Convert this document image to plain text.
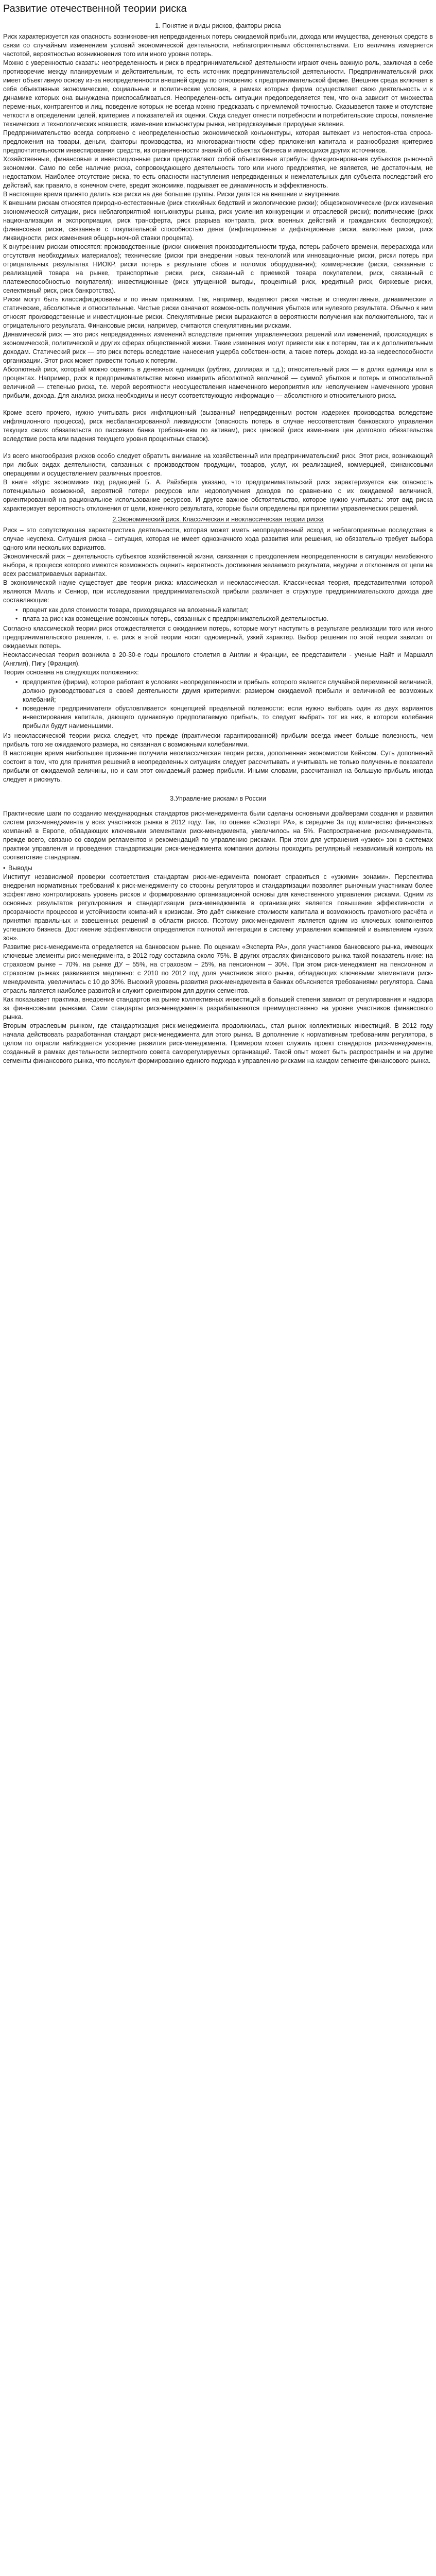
Развитие отечественной теории риска
1. Понятие и виды рисков, факторы риска

Риск характеризуется как опасность возникновения непредвиденных потерь ожидаемой прибыли, дохода или имущества, денежных средств в связи со случайным изменением условий экономической деятельности, неблагоприятными обстоятельствами. Его величина измеряется частотой, вероятностью возникновения того или иного уровня потерь.

Можно с уверенностью сказать: неопределенность и риск в предпринимательской деятельности играют очень важную роль, заключая в себе противоречие между планируемым и действительным, то есть источник предпринимательской деятельности. Предпринимательский риск имеет объективную основу из-за неопределенности внешней среды по отношению к предпринимательской фирме. Внешняя среда включает в себя объективные экономические, социальные и политические условия, в рамках которых фирма осуществляет свою деятельность и к динамике которых она вынуждена приспосабливаться. Неопределенность ситуации предопределяется тем, что она зависит от множества переменных, контрагентов и лиц, поведение которых не всегда можно предсказать с приемлемой точностью. Сказывается также и отсутствие четкости в определении целей, критериев и показателей их оценки. Сюда следует отнести потребности и потребительские спросы, появление технических и технологических новшеств, изменение конъюнктуры рынка, непредсказуемые природные явления.

Предпринимательство всегда сопряжено с неопределенностью экономической конъюнктуры, которая вытекает из непостоянства спроса-предложения на товары, деньги, факторы производства, из многовариантности сфер приложения капитала и разнообразия критериев предпочтительности инвестирования средств, из ограниченности знаний об объектах бизнеса и имеющихся других источников.

Хозяйственные, финансовые и инвестиционные риски представляют собой объективные атрибуты функционирования субъектов рыночной экономики. Само по себе наличие риска, сопровождающего деятельность того или иного предприятия, не является, не достаточным, не недостатком. Наиболее отсутствие риска, то есть опасности наступления непредвиденных и нежелательных для субъекта последствий его действий, как правило, в конечном счете, вредит экономике, подрывает ее динамичность и эффективность.

В настоящее время принято делить все риски на две большие группы. Риски делятся на внешние и внутренние.

К внешним рискам относятся природно-естественные (риск стихийных бедствий и экологические риски); общеэкономические (риск изменения экономической ситуации, риск неблагоприятной конъюнктуры рынка, риск усиления конкуренции и отраслевой риски); политические (риск национализации и экспроприации, риск трансферта, риск разрыва контракта, риск военных действий и гражданских беспорядков); финансовые риски, связанные с покупательной способностью денег (инфляционные и дефляционные риски, валютные риски, риск ликвидности, риск изменения общерыночной ставки процента).

К внутренним рискам относятся: производственные (риски снижения производительности труда, потерь рабочего времени, перерасхода или отсутствия необходимых материалов); технические (риски при внедрении новых технологий или инновационные риски, риски потерь при отрицательных результатах НИОКР, риски потерь в результате сбоев и поломок оборудования); коммерческие (риски, связанные с реализацией товара на рынке, транспортные риски, риск, связанный с приемкой товара покупателем, риск, связанный с платежеспособностью покупателя); инвестиционные (риск упущенной выгоды, процентный риск, кредитный риск, биржевые риски, селективный риск, риск банкротства).

Риски могут быть классифицированы и по иным признакам. Так, например, выделяют риски чистые и спекулятивные, динамические и статические, абсолютные и относительные. Чистые риски означают возможность получения убытков или нулевого результата. Обычно к ним относят производственные и инвестиционные риски. Спекулятивные риски выражаются в вероятности получения как положительного, так и отрицательного результата. Финансовые риски, например, считаются спекулятивными рисками.

Динамический риск — это риск непредвиденных изменений вследствие принятия управленческих решений или изменений, происходящих в экономической, политической и других сферах общественной жизни. Такие изменения могут привести как к потерям, так и к дополнительным доходам. Статический риск — это риск потерь вследствие нанесения ущерба собственности, а также потерь дохода из-за недееспособности организации. Этот риск может привести только к потерям.

Абсолютный риск, который можно оценить в денежных единицах (рублях, долларах и т.д.); относительный риск — в долях единицы или в процентах. Например, риск в предпринимательстве можно измерить абсолютной величиной — суммой убытков и потерь и относительной величиной — степенью риска, т.е. мерой вероятности неосуществления намеченного мероприятия или неполучением намеченного уровня прибыли, дохода. Для анализа риска необходимы и несут соответствующую информацию — абсолютного и относительного риска.

Кроме всего прочего, нужно учитывать риск инфляционный (вызванный непредвиденным ростом издержек производства вследствие инфляционного процесса), риск несбалансированной ликвидности (опасность потерь в случае несоответствия банковского управления текущих своих обязательств по пассивам банка требованиям по активам), риск ценовой (риск изменения цен долгового обязательства вследствие роста или падения текущего уровня процентных ставок).

Из всего многообразия рисков особо следует обратить внимание на хозяйственный или предпринимательский риск. Этот риск, возникающий при любых видах деятельности, связанных с производством продукции, товаров, услуг, их реализацией, коммерцией, финансовыми операциями и осуществлением различных проектов.

В книге «Курс экономики» под редакцией Б. А. Райзберга указано, что предпринимательский риск характеризуется как опасность потенциально возможной, вероятной потери ресурсов или недополучения доходов по сравнению с их ожидаемой величиной, ориентированной на рациональное использование ресурсов. И другое важное обстоятельство, которое нужно учитывать: этот вид риска характеризует вероятность отклонения от цели, конечного результата, которые были определены при принятии управленческих решений.

2.Экономический риск. Классическая и неоклассическая теории риска

Риск – это сопутствующая характеристика деятельности, которая может иметь неопределенный исход и неблагоприятные последствия в случае неуспеха. Ситуация риска – ситуация, которая не имеет однозначного хода развития или решения, но обязательно требует выбора одного или нескольких вариантов.

Экономический риск – деятельность субъектов хозяйственной жизни, связанная с преодолением неопределенности в ситуации неизбежного выбора, в процессе которого имеются возможность оценить вероятность достижения желаемого результата, неудачи и отклонения от цели на всех рассматриваемых вариантах.

В экономической науке существует две теории риска: классическая и неоклассическая. Классическая теория, представителями которой являются Милль и Сениор, при исследовании предпринимательской прибыли различает в структуре предпринимательского дохода две составляющие:

• процент как доля стоимости товара, приходящаяся на вложенный капитал;
• плата за риск как возмещение возможных потерь, связанных с предпринимательской деятельностью.

Согласно классической теории риск отождествляется с ожиданием потерь, которые могут наступить в результате реализации того или иного предпринимательского решения, т. е. риск в этой теории носит одномерный, узкий характер. Выбор решения по этой теории зависит от ожидаемых потерь.

Неоклассическая теория возникла в 20-30-е годы прошлого столетия в Англии и Франции, ее представители - ученые Найт и Маршалл (Англия), Пигу (Франция).

Теория основана на следующих положениях:

• предприятие (фирма), которое работает в условиях неопределенности и прибыль которого является случайной переменной величиной, должно руководствоваться в своей деятельности двумя критериями: размером ожидаемой прибыли и величиной ее возможных колебаний;
• поведение предпринимателя обусловливается концепцией предельной полезности: если нужно выбрать один из двух вариантов инвестирования капитала, дающего одинаковую предполагаемую прибыль, то следует выбрать тот из них, в котором колебания прибыли будут наименьшими.

Из неоклассической теории риска следует, что прежде (практически гарантированной) прибыли всегда имеет больше полезность, чем прибыль того же ожидаемого размера, но связанная с возможными колебаниями.

В настоящее время наибольшее признание получила неоклассическая теория риска, дополненная экономистом Кейнсом. Суть дополнений состоит в том, что для принятия решений в неопределенных ситуациях следует рассчитывать и учитывать не только полученные показатели прибыли от ожидаемой величины, но и сам этот ожидаемый размер прибыли. Иными словами, рассчитанная на большую прибыль иногда следует и рискнуть.

3.Управление рисками в России

Практические шаги по созданию международных стандартов риск-менеджмента были сделаны основными драйверами создания и развития систем риск-менеджмента у всех участников рынка в 2012 году. Так, по оценке «Эксперт РА», в середине 3а год количество финансовых компаний в Европе, обладающих ключевыми элементами риск-менеджмента, увеличилось на 5%. Распространение риск-менеджмента, прежде всего, связано со сводом регламентов и рекомендаций по управлению рисками. При этом для устранения «узких» зон в системах практики управления и проведения стандартизации риск-менеджмента компании должны проходить регулярный независимый контроль на соответствие стандартам.

• Выводы

Институт независимой проверки соответствия стандартам риск-менеджмента помогает справиться с «узкими» зонами». Перспектива внедрения нормативных требований к риск-менеджменту со стороны регуляторов и стандартизации позволяет рыночным участникам более эффективно контролировать уровень рисков и формированию организационной основы для качественного управления рисками. Одним из основных результатов регулирования и стандартизации риск-менеджмента в организациях является повышение эффективности и прозрачности процессов и устойчивости компаний к кризисам. Это даёт снижение стоимости капитала и возможность грамотного расчёта и принятия правильных и взвешенных решений в области рисков. Поэтому риск-менеджмент является одним из ключевых компонентов успешного бизнеса. Достижение эффективности определяется полнотой интеграции в систему управления компанией и выявлением «узких зон».

Развитие риск-менеджмента определяется на банковском рынке. По оценкам «Эксперта РА», доля участников банковского рынка, имеющих ключевые элементы риск-менеджмента, в 2012 году составила около 75%. В других отраслях финансового рынка такой показатель ниже: на страховом рынке – 70%, на рынке ДУ – 55%, на страховом – 25%, на пенсионном – 30%. При этом риск-менеджмент на пенсионном и страховом рынках развивается медленно: с 2010 по 2012 год доля участников этого рынка, обладающих ключевыми элементами риск-менеджмента, увеличилась с 10 до 30%. Высокий уровень развития риск-менеджмента в банках объясняется требованиями регулятора. Сама отрасль является наиболее развитой и служит ориентиром для других сегментов.

Как показывает практика, внедрение стандартов на рынке коллективных инвестиций в большей степени зависит от регулирования и надзора за финансовыми рынками. Сами стандарты риск-менеджмента разрабатываются преимущественно на уровне участников финансового рынка.

Вторым отраслевым рынком, где стандартизация риск-менеджмента продолжилась, стал рынок коллективных инвестиций. В 2012 году начала действовать разработанная стандарт риск-менеджмента для этого рынка. В дополнение к нормативным требованиям регулятора, в целом по отрасли наблюдается ускорение развития риск-менеджмента. Примером может служить проект стандартов риск-менеджмента, созданный в рамках деятельности экспертного совета саморегулируемых организаций. Такой опыт может быть распространён и на другие сегменты финансового рынка, что послужит формированию единого подхода к управлению рисками на каждом сегменте финансового рынка.
